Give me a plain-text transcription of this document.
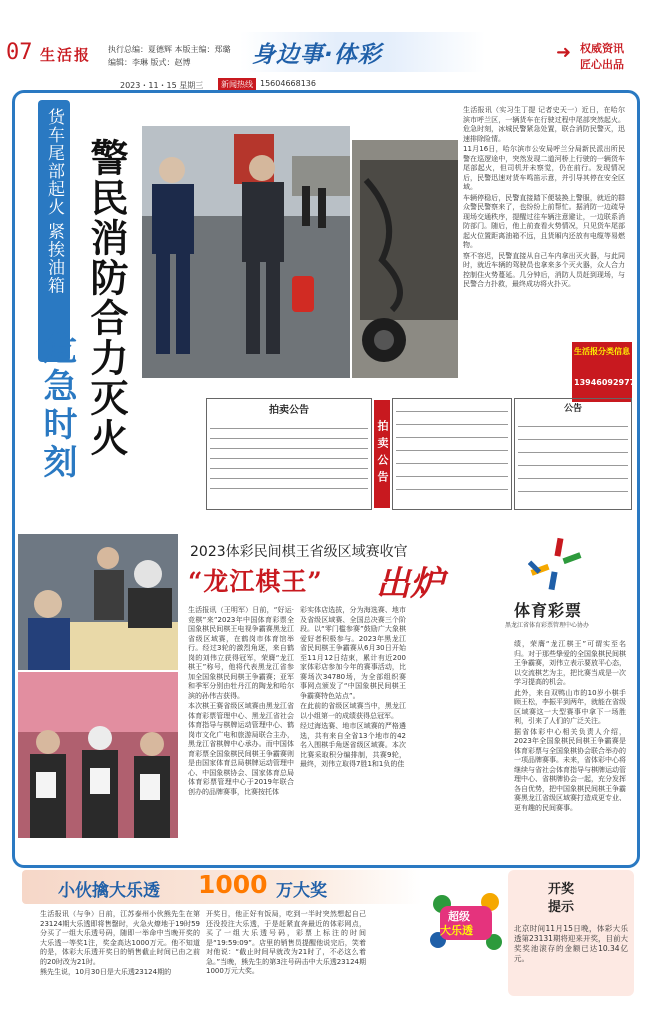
07 生活报 执行总编：夏德辉 本版主编：郑璐
编辑：李琳 版式：赵博	身边事·体彩	➜ 权威资讯
匠心出品
2023・11・15 星期三	新闻热线 15604668136
货车尾部起火 紧挨油箱 警民消防合力灭火
危急时刻

生活报讯（实习生丁提 记者史天一）近日，在哈尔滨市呼兰区，一辆货车在行驶过程中尾部突然起火。危急时刻，冰城民警紧急处置，联合消防民警灭，迅速排除险情。

11月16日，哈尔滨市公安局呼兰分局新民派出所民警在巡逻途中，突然发现二道河桥上行驶的一辆货车尾部起火，但司机并未察觉，仍在前行。发现情况后，民警迅速对货车鸣笛示意，并引导其停在安全区域。

车辆停稳后，民警直接踏下便装换上警服，就近的群众警民警察来了，也纷纷上前帮忙。据消防一边疏导现场交通秩序，提醒过往车辆注意避让，一边联系消防部门。随后，他上前查看火势情况，只见货车尾部起火位置距离油箱不远，且货厢内还放有电缆等易燃物。

察不容迟，民警直接从自己车内拿出灭火器，与此同时，就近车辆的驾驶员也拿来多个灭火器，众人合力控制住火势蔓延。几分钟后，消防人员赶到现场，与民警合力扑救，最终成功将火扑灭。

生活报分类信息
13946092977
拍卖公告
拍卖公告
公告
2023体彩民间棋王省级区域赛收官
“龙江棋王” 出炉
体育彩票
黑龙江省体育彩票管理中心协办

生活报讯（王明军）日前，“好运·竞棋”来”2023年中国体育彩票全国象棋民间棋王电视争霸赛黑龙江省级区域赛，在鹤岗市体育馆举行。经过3轮的激烈角逐，来自鹤岗的刘伟立获得冠军，荣膺“龙江棋王”称号，他将代表黑龙江省参加全国象棋民间棋王争霸赛；亚军和季军分别由牡丹江的陶龙和哈尔滨的孙伟吉获得。

本次棋王赛省级区域赛由黑龙江省体育彩票管理中心、黑龙江省社会体育指导与棋牌运动管理中心、鹤岗市文化广电和旅游局联合主办，黑龙江省棋牌中心承办。而中国体育彩票全国象棋民间棋王争霸赛则是由国家体育总局棋牌运动管理中心、中国象棋协会、国家体育总局体育彩票管理中心于2019年联合创办的品牌赛事，比赛按托体

彩实体店选拔，分为海选赛、地市及省级区域赛、全国总决赛三个阶段。以“零门槛参赛”鼓励广大象棋爱好者积极参与。2023年黑龙江省民间棋王争霸赛从6月30日开始至11月12日结束，累计有近200家体彩店参加今年的赛事活动，比赛场次34780场，为全部组织赛事网点颁发了“中国象棋民间棋王争霸赛特色站点”。

在此前的省级区域赛当中，黑龙江以小组第一的成绩获得总冠军。

经过海选赛、地市区域赛的严格遴选，共有来自全省13个地市的42名入围棋手角逐省级区域赛。本次比赛采取积分编排制，共赛9轮，最终，刘伟立取得7胜1和1负的佳

绩，荣膺“龙江棋王”可谓实至名归。对于那些挚爱的全国象棋民间棋王争霸赛，刘伟立表示要放平心态，以交流棋艺为主，把比赛当成是一次学习提高的机会。

此外，来自双鸭山市的10岁小棋手顾王松，李振平到两年，就能在省级区域赛这一大型赛事中拿下一场胜利，引来了人们的广泛关注。

据省体彩中心相关负责人介绍，2023年全国象棋民间棋王争霸赛是体育彩票与全国象棋协会联合举办的一项品牌赛事。未来，省体彩中心将继续与省社会体育指导与棋牌运动管理中心、省棋牌协会一起，充分发挥各自优势，把中国象棋民间棋王争霸赛黑龙江省级区域赛打造成更专业、更有趣的民间赛事。

小伙擒大乐透 1000 万大奖

生活报讯（与争）日前，江苏泰州小伙熊先生在第23124期大乐透即将售罄时，火急火燎地于19时59分买了一组大乐透号码，随即一举命中当晚开奖的大乐透一等奖1注，奖金高达1000万元。他不知道的是，体彩大乐透开奖日的销售截止时间已由之前的20时改为21时。

熊先生说，10月30日是大乐透23124期的

开奖日，他正好有饭局，吃到一半时突然想起自己还没投注大乐透，于是赶紧直奔最近的体彩网点，买了一组大乐透号码，彩票上标注的时间是“19:59:09”。店里的销售员提醒他说完后，笑着对他说：“截止时间早就改为21时了，不必这么着急。”当晚，熊先生的第3注号码击中大乐透23124期1000万元大奖。

超级
大乐透
开奖
提示
北京时间11月15日晚，体彩大乐透第23131期将迎来开奖，目前大奖奖池滚存的金额已达10.34亿元。
